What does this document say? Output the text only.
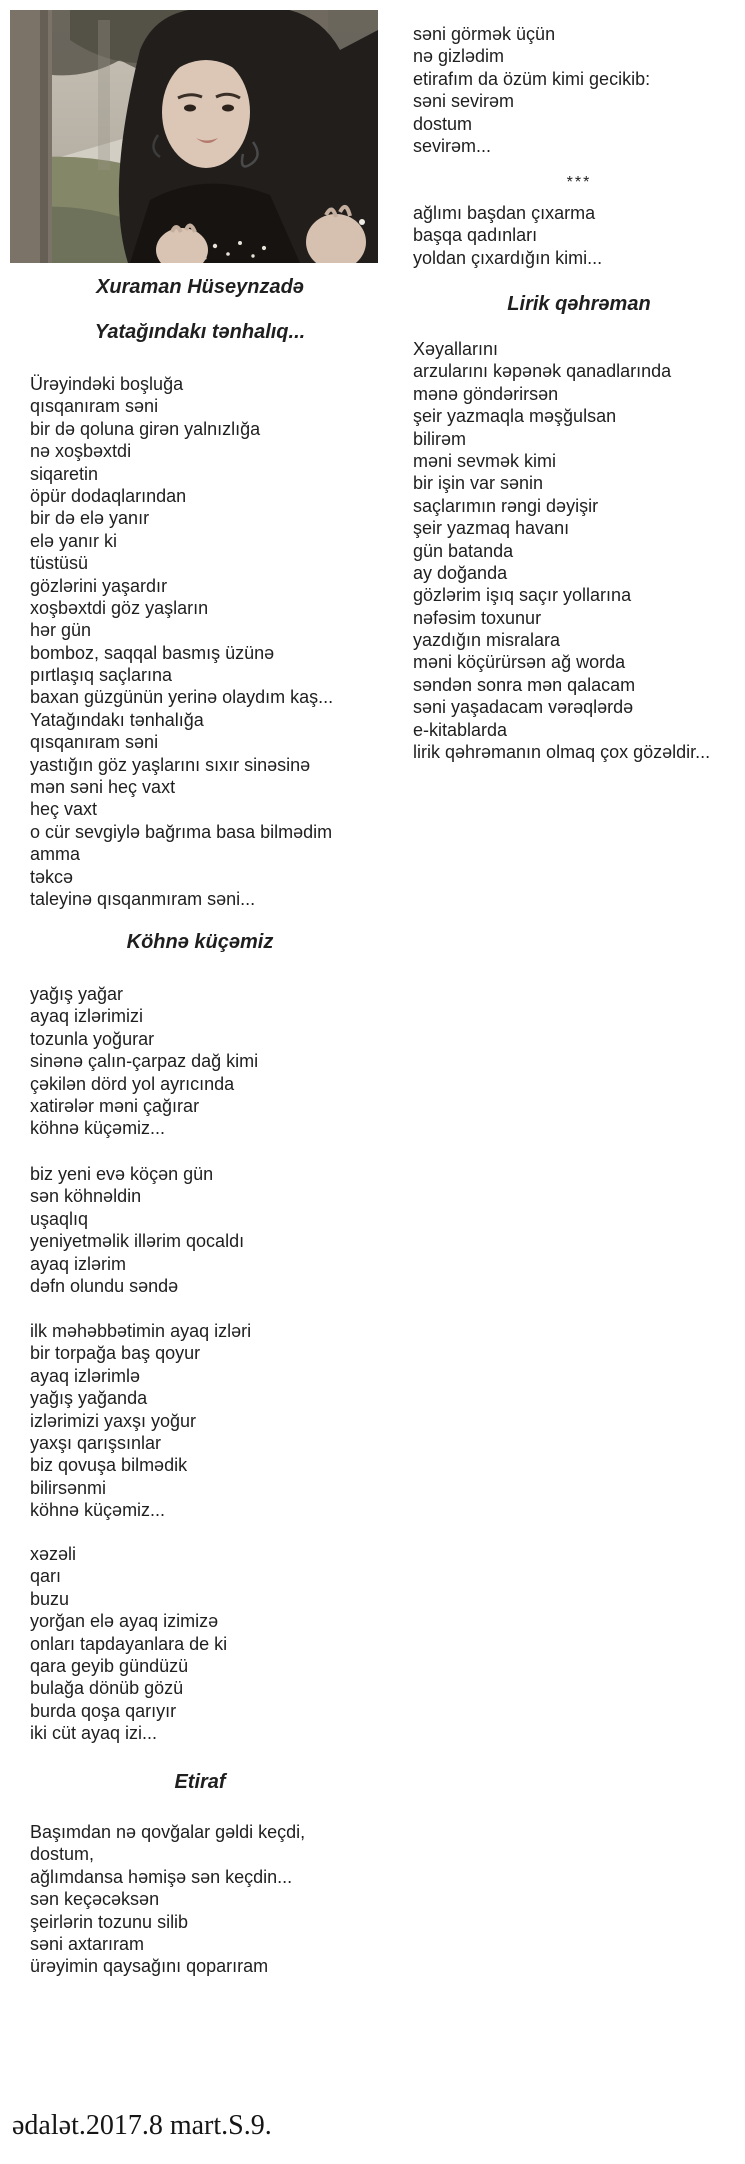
Xuraman Hüseynzadə
Yatağındakı tənhalıq...
Ürəyindəki boşluğa
qısqanıram səni
bir də qoluna girən yalnızlığa
nə xoşbəxtdi
siqaretin
öpür dodaqlarından
bir də elə yanır
elə yanır ki
tüstüsü
gözlərini yaşardır
xoşbəxtdi göz yaşların
hər gün
bomboz, saqqal basmış üzünə
pırtlaşıq saçlarına
baxan güzgünün yerinə olaydım kaş...
Yatağındakı tənhalığa
qısqanıram səni
yastığın göz yaşlarını sıxır sinəsinə
mən səni heç vaxt
heç vaxt
o cür sevgiylə bağrıma basa bilmədim
amma
təkcə
taleyinə qısqanmıram səni...
Köhnə küçəmiz
yağış yağar
ayaq izlərimizi
tozunla yoğurar
sinənə çalın-çarpaz dağ kimi
çəkilən dörd yol ayrıcında
xatirələr məni çağırar
köhnə küçəmiz...
biz yeni evə köçən gün
sən köhnəldin
uşaqlıq
yeniyetməlik illərim qocaldı
ayaq izlərim
dəfn olundu səndə
ilk məhəbbətimin ayaq izləri
bir torpağa baş qoyur
ayaq izlərimlə
yağış yağanda
izlərimizi yaxşı yoğur
yaxşı qarışsınlar
biz qovuşa bilmədik
bilirsənmi
köhnə küçəmiz...
xəzəli
qarı
buzu
yorğan elə ayaq izimizə
onları tapdayanlara de ki
qara geyib gündüzü
bulağa dönüb gözü
burda qoşa qarıyır
iki cüt ayaq izi...
Etiraf
Başımdan nə qovğalar gəldi keçdi,
dostum,
ağlımdansa həmişə sən keçdin...
sən keçəcəksən
şeirlərin tozunu silib
səni axtarıram
ürəyimin qaysağını qoparıram
səni görmək üçün
nə gizlədim
etirafım da özüm kimi gecikib:
səni sevirəm
dostum
sevirəm...
***
ağlımı başdan çıxarma
başqa qadınları
yoldan çıxardığın kimi...
Lirik qəhrəman
Xəyallarını
arzularını kəpənək qanadlarında
mənə göndərirsən
şeir yazmaqla məşğulsan
bilirəm
məni sevmək kimi
bir işin var sənin
saçlarımın rəngi dəyişir
şeir yazmaq havanı
gün batanda
ay doğanda
gözlərim işıq saçır yollarına
nəfəsim toxunur
yazdığın misralara
məni köçürürsən ağ worda
səndən sonra mən qalacam
səni yaşadacam vərəqlərdə
e-kitablarda
lirik qəhrəmanın olmaq çox gözəldir...
ədalət.2017.8 mart.S.9.
